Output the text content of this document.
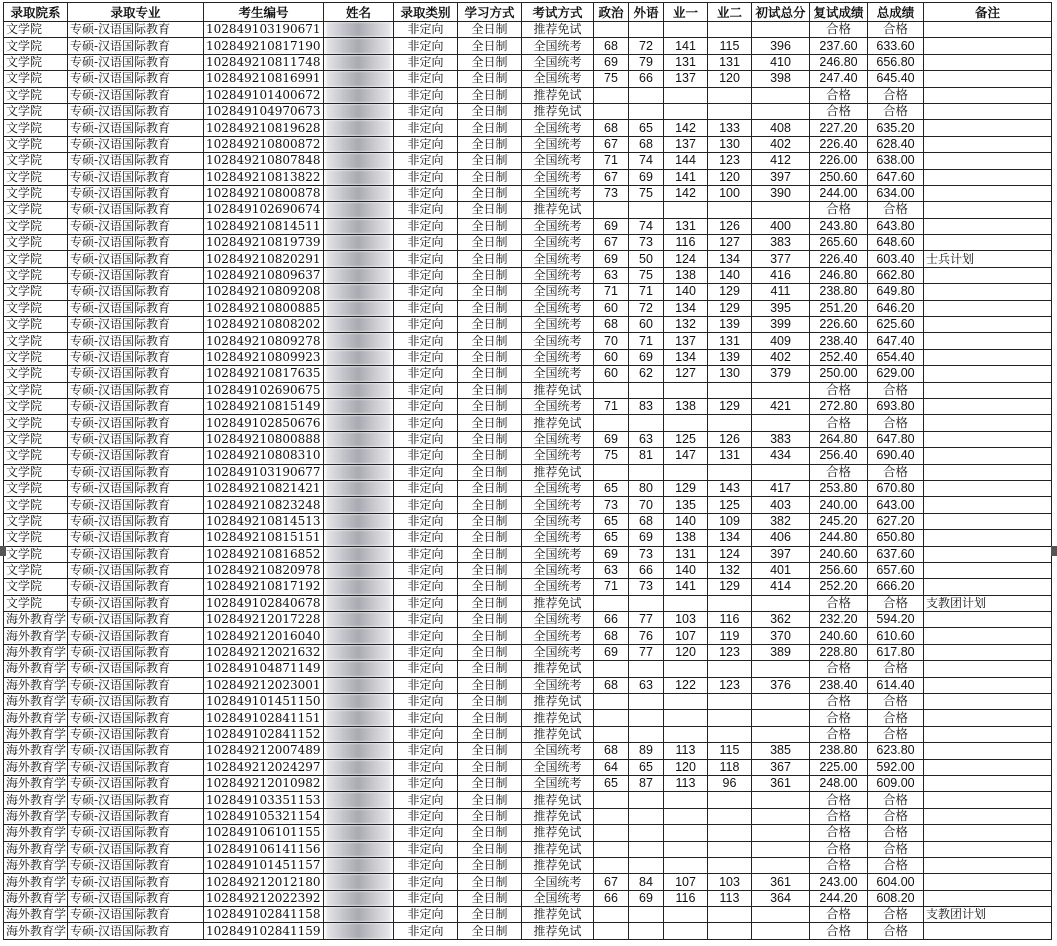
录取院系	录取专业	考生编号	姓名	录取类别	学习方式	考试方式	政治	外语	业一	业二	初试总分	复试成绩	总成绩	备注
文学院	专硕-汉语国际教育	102849103190671		非定向	全日制	推荐免试						合格	合格	
文学院	专硕-汉语国际教育	102849210817190		非定向	全日制	全国统考	68	72	141	115	396	237.60	633.60	
文学院	专硕-汉语国际教育	102849210811748		非定向	全日制	全国统考	69	79	131	131	410	246.80	656.80	
文学院	专硕-汉语国际教育	102849210816991		非定向	全日制	全国统考	75	66	137	120	398	247.40	645.40	
文学院	专硕-汉语国际教育	102849101400672		非定向	全日制	推荐免试						合格	合格	
文学院	专硕-汉语国际教育	102849104970673		非定向	全日制	推荐免试						合格	合格	
文学院	专硕-汉语国际教育	102849210819628		非定向	全日制	全国统考	68	65	142	133	408	227.20	635.20	
文学院	专硕-汉语国际教育	102849210800872		非定向	全日制	全国统考	67	68	137	130	402	226.40	628.40	
文学院	专硕-汉语国际教育	102849210807848		非定向	全日制	全国统考	71	74	144	123	412	226.00	638.00	
文学院	专硕-汉语国际教育	102849210813822		非定向	全日制	全国统考	67	69	141	120	397	250.60	647.60	
文学院	专硕-汉语国际教育	102849210800878		非定向	全日制	全国统考	73	75	142	100	390	244.00	634.00	
文学院	专硕-汉语国际教育	102849102690674		非定向	全日制	推荐免试						合格	合格	
文学院	专硕-汉语国际教育	102849210814511		非定向	全日制	全国统考	69	74	131	126	400	243.80	643.80	
文学院	专硕-汉语国际教育	102849210819739		非定向	全日制	全国统考	67	73	116	127	383	265.60	648.60	
文学院	专硕-汉语国际教育	102849210820291		非定向	全日制	全国统考	69	50	124	134	377	226.40	603.40	士兵计划
文学院	专硕-汉语国际教育	102849210809637		非定向	全日制	全国统考	63	75	138	140	416	246.80	662.80	
文学院	专硕-汉语国际教育	102849210809208		非定向	全日制	全国统考	71	71	140	129	411	238.80	649.80	
文学院	专硕-汉语国际教育	102849210800885		非定向	全日制	全国统考	60	72	134	129	395	251.20	646.20	
文学院	专硕-汉语国际教育	102849210808202		非定向	全日制	全国统考	68	60	132	139	399	226.60	625.60	
文学院	专硕-汉语国际教育	102849210809278		非定向	全日制	全国统考	70	71	137	131	409	238.40	647.40	
文学院	专硕-汉语国际教育	102849210809923		非定向	全日制	全国统考	60	69	134	139	402	252.40	654.40	
文学院	专硕-汉语国际教育	102849210817635		非定向	全日制	全国统考	60	62	127	130	379	250.00	629.00	
文学院	专硕-汉语国际教育	102849102690675		非定向	全日制	推荐免试						合格	合格	
文学院	专硕-汉语国际教育	102849210815149		非定向	全日制	全国统考	71	83	138	129	421	272.80	693.80	
文学院	专硕-汉语国际教育	102849102850676		非定向	全日制	推荐免试						合格	合格	
文学院	专硕-汉语国际教育	102849210800888		非定向	全日制	全国统考	69	63	125	126	383	264.80	647.80	
文学院	专硕-汉语国际教育	102849210808310		非定向	全日制	全国统考	75	81	147	131	434	256.40	690.40	
文学院	专硕-汉语国际教育	102849103190677		非定向	全日制	推荐免试						合格	合格	
文学院	专硕-汉语国际教育	102849210821421		非定向	全日制	全国统考	65	80	129	143	417	253.80	670.80	
文学院	专硕-汉语国际教育	102849210823248		非定向	全日制	全国统考	73	70	135	125	403	240.00	643.00	
文学院	专硕-汉语国际教育	102849210814513		非定向	全日制	全国统考	65	68	140	109	382	245.20	627.20	
文学院	专硕-汉语国际教育	102849210815151		非定向	全日制	全国统考	65	69	138	134	406	244.80	650.80	
文学院	专硕-汉语国际教育	102849210816852		非定向	全日制	全国统考	69	73	131	124	397	240.60	637.60	
文学院	专硕-汉语国际教育	102849210820978		非定向	全日制	全国统考	63	66	140	132	401	256.60	657.60	
文学院	专硕-汉语国际教育	102849210817192		非定向	全日制	全国统考	71	73	141	129	414	252.20	666.20	
文学院	专硕-汉语国际教育	102849102840678		非定向	全日制	推荐免试						合格	合格	支教团计划
海外教育学	专硕-汉语国际教育	102849212017228		非定向	全日制	全国统考	66	77	103	116	362	232.20	594.20	
海外教育学	专硕-汉语国际教育	102849212016040		非定向	全日制	全国统考	68	76	107	119	370	240.60	610.60	
海外教育学	专硕-汉语国际教育	102849212021632		非定向	全日制	全国统考	69	77	120	123	389	228.80	617.80	
海外教育学	专硕-汉语国际教育	102849104871149		非定向	全日制	推荐免试						合格	合格	
海外教育学	专硕-汉语国际教育	102849212023001		非定向	全日制	全国统考	68	63	122	123	376	238.40	614.40	
海外教育学	专硕-汉语国际教育	102849101451150		非定向	全日制	推荐免试						合格	合格	
海外教育学	专硕-汉语国际教育	102849102841151		非定向	全日制	推荐免试						合格	合格	
海外教育学	专硕-汉语国际教育	102849102841152		非定向	全日制	推荐免试						合格	合格	
海外教育学	专硕-汉语国际教育	102849212007489		非定向	全日制	全国统考	68	89	113	115	385	238.80	623.80	
海外教育学	专硕-汉语国际教育	102849212024297		非定向	全日制	全国统考	64	65	120	118	367	225.00	592.00	
海外教育学	专硕-汉语国际教育	102849212010982		非定向	全日制	全国统考	65	87	113	96	361	248.00	609.00	
海外教育学	专硕-汉语国际教育	102849103351153		非定向	全日制	推荐免试						合格	合格	
海外教育学	专硕-汉语国际教育	102849105321154		非定向	全日制	推荐免试						合格	合格	
海外教育学	专硕-汉语国际教育	102849106101155		非定向	全日制	推荐免试						合格	合格	
海外教育学	专硕-汉语国际教育	102849106141156		非定向	全日制	推荐免试						合格	合格	
海外教育学	专硕-汉语国际教育	102849101451157		非定向	全日制	推荐免试						合格	合格	
海外教育学	专硕-汉语国际教育	102849212012180		非定向	全日制	全国统考	67	84	107	103	361	243.00	604.00	
海外教育学	专硕-汉语国际教育	102849212022392		非定向	全日制	全国统考	66	69	116	113	364	244.20	608.20	
海外教育学	专硕-汉语国际教育	102849102841158		非定向	全日制	推荐免试						合格	合格	支教团计划
海外教育学	专硕-汉语国际教育	102849102841159		非定向	全日制	推荐免试						合格	合格	
